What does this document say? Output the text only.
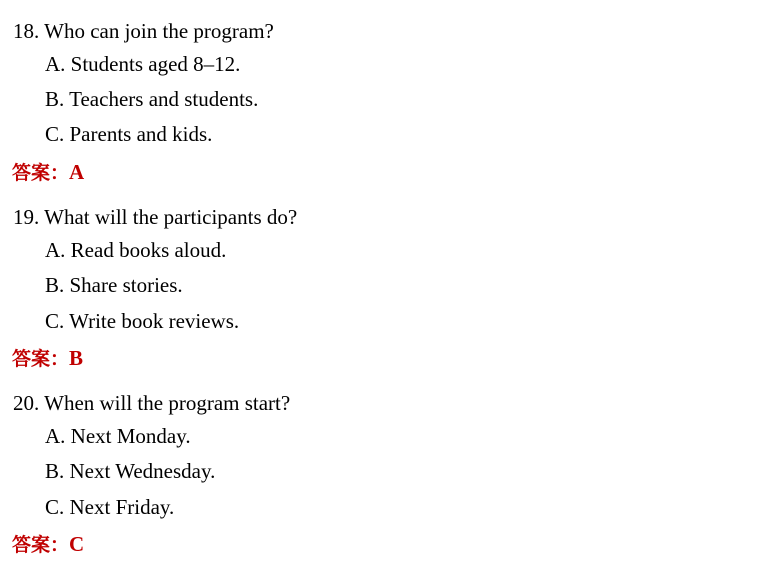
18. Who can join the program?
A. Students aged 8–12.
B. Teachers and students.
C. Parents and kids.
答案：A
19. What will the participants do?
A. Read books aloud.
B. Share stories.
C. Write book reviews.
答案：B
20. When will the program start?
A. Next Monday.
B. Next Wednesday.
C. Next Friday.
答案：C
